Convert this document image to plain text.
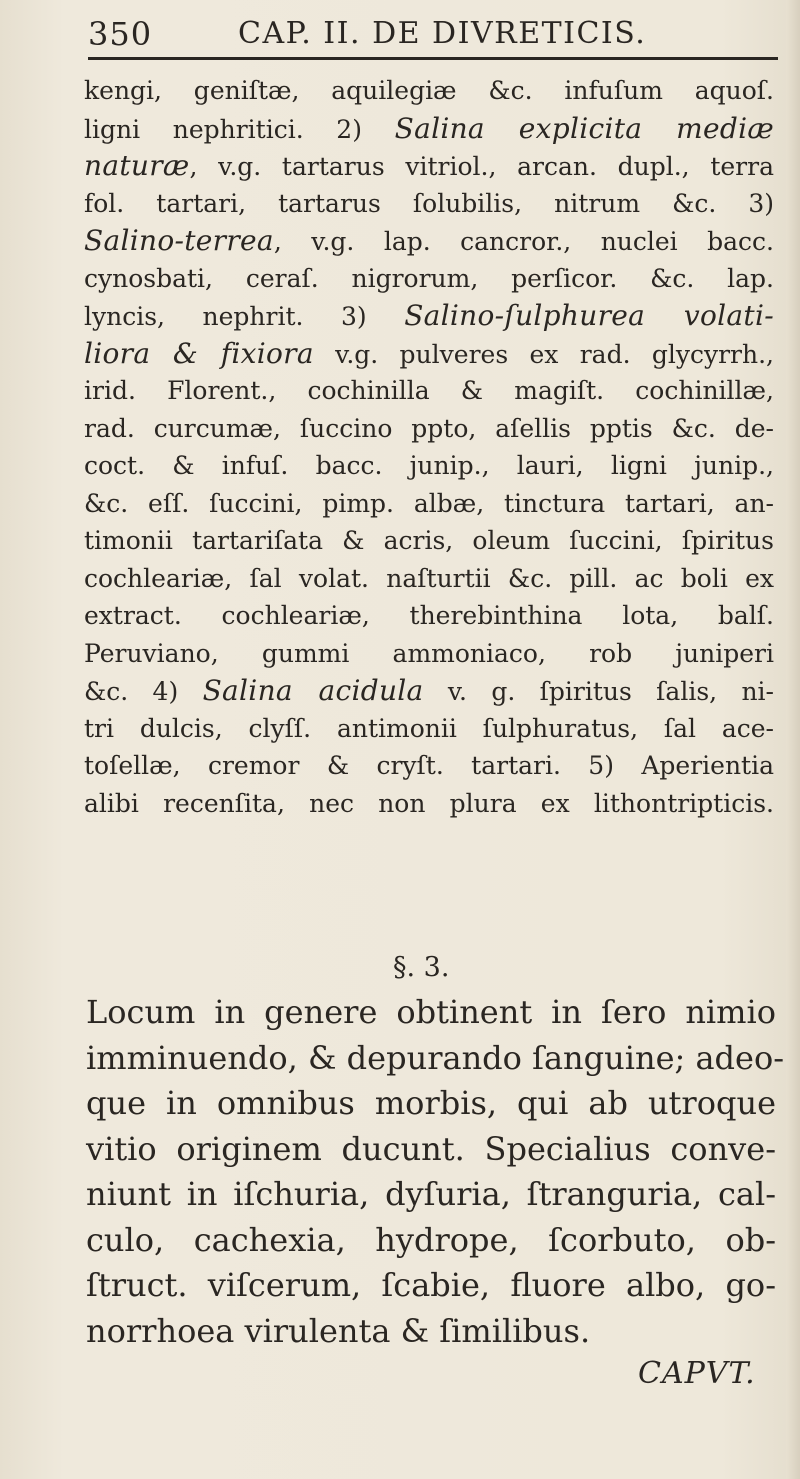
350	CAP. II. DE DIVRETICIS.
kengi, geniſtæ, aquilegiæ &c. infuſum aquoſ.
ligni nephritici. 2) Salina explicita mediæ
naturæ, v.g. tartarus vitriol., arcan. dupl., terra
fol. tartari, tartarus ſolubilis, nitrum &c. 3)
Salino-terrea, v.g. lap. cancror., nuclei bacc.
cynosbati, ceraſ. nigrorum, perſicor. &c. lap.
lyncis, nephrit. 3) Salino-ſulphurea volati-
liora & fixiora v.g. pulveres ex rad. glycyrrh.,
irid. Florent., cochinilla & magiſt. cochinillæ,
rad. curcumæ, ſuccino ppto, aſellis pptis &c. de-
coct. & infuſ. bacc. junip., lauri, ligni junip.,
&c. eſſ. ſuccini, pimp. albæ, tinctura tartari, an-
timonii tartariſata & acris, oleum ſuccini, ſpiritus
cochleariæ, ſal volat. naſturtii &c. pill. ac boli ex
extract. cochleariæ, therebinthina lota, balſ.
Peruviano, gummi ammoniaco, rob juniperi
&c. 4) Salina acidula v. g. ſpiritus ſalis, ni-
tri dulcis, clyſſ. antimonii ſulphuratus, ſal ace-
toſellæ, cremor & cryſt. tartari. 5) Aperientia
alibi recenſita, nec non plura ex lithontripticis.
§. 3.
Locum in genere obtinent in ſero nimio
imminuendo, & depurando ſanguine; adeo-
que in omnibus morbis, qui ab utroque
vitio originem ducunt. Specialius conve-
niunt in iſchuria, dyſuria, ſtranguria, cal-
culo, cachexia, hydrope, ſcorbuto, ob-
ſtruct. viſcerum, ſcabie, fluore albo, go-
norrhoea virulenta & ſimilibus.
CAPVT.
